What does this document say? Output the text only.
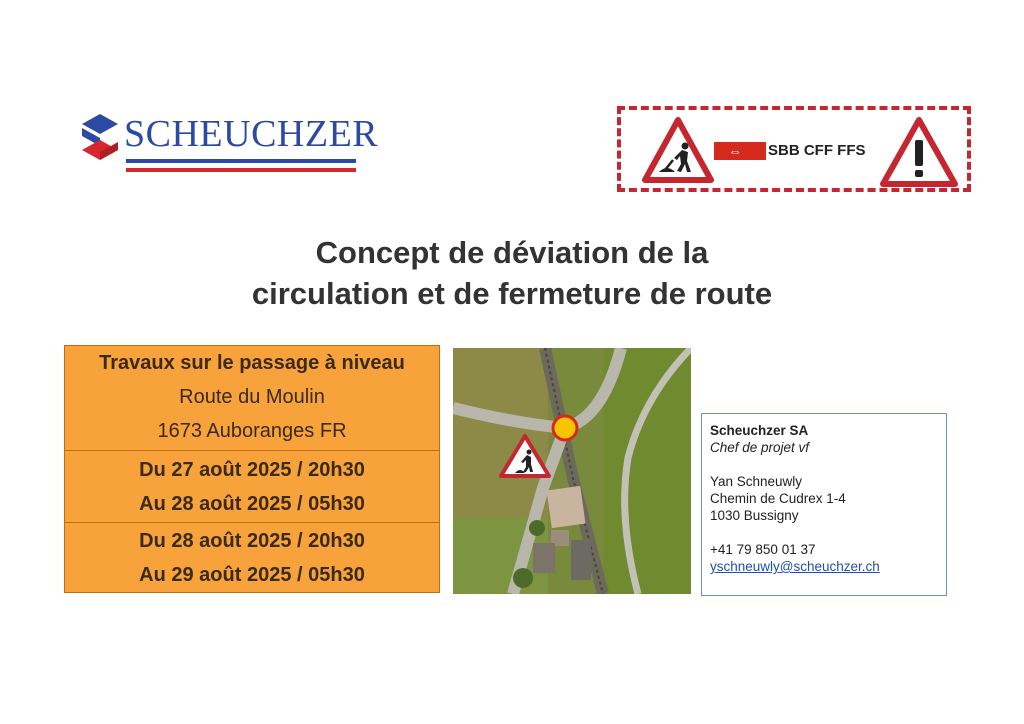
SCHEUCHZER	⇔ SBB CFF FFS
Concept de déviation de la
circulation et de fermeture de route
Travaux sur le passage à niveau
Route du Moulin
1673 Auboranges FR
Du 27 août 2025 / 20h30
Au 28 août 2025 / 05h30
Du 28 août 2025 / 20h30
Au 29 août 2025 / 05h30
Scheuchzer SA
Chef de projet vf
Yan Schneuwly
Chemin de Cudrex 1-4
1030 Bussigny
+41 79 850 01 37
yschneuwly@scheuchzer.ch
